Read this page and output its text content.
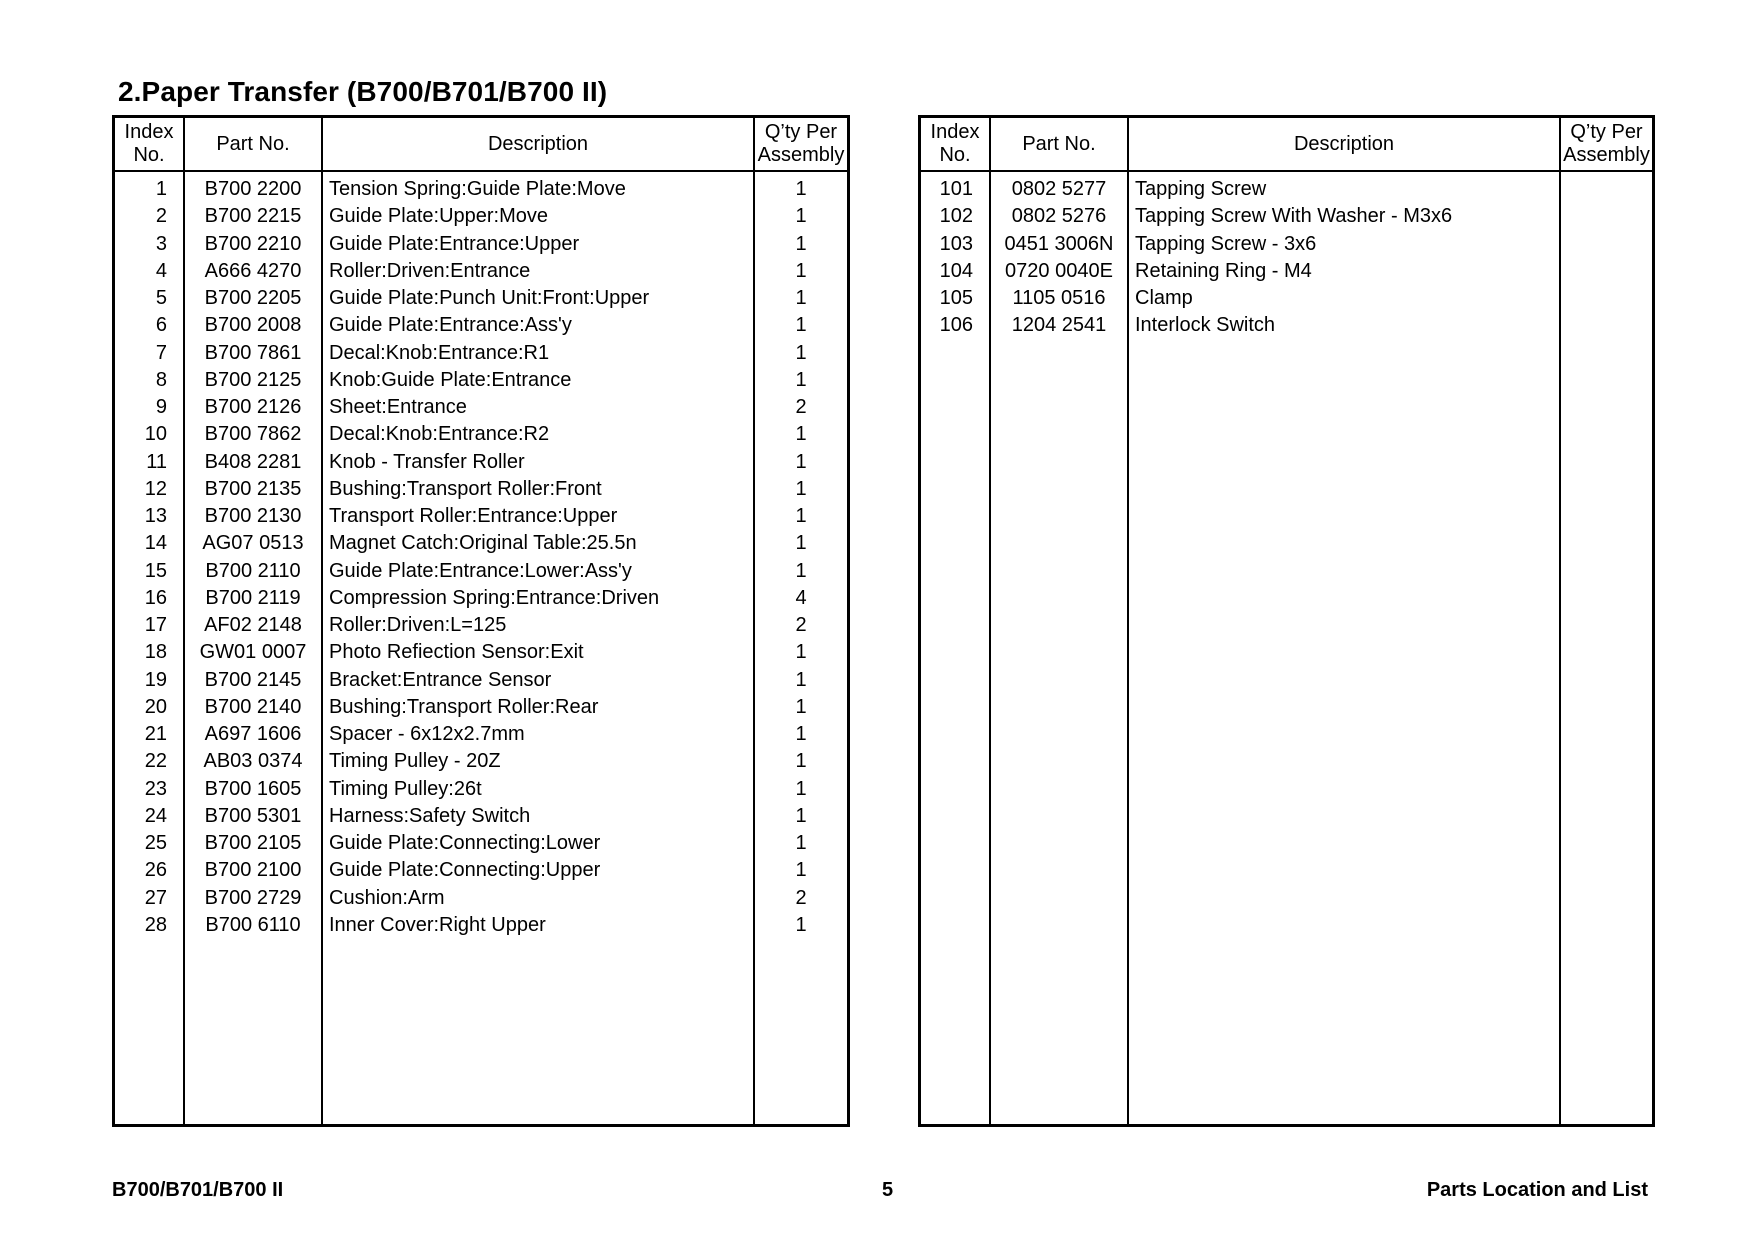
2.Paper Transfer (B700/B701/B700 II)
Index
No.
1
2
3
4
5
6
7
8
9
10
11
12
13
14
15
16
17
18
19
20
21
22
23
24
25
26
27
28
Part No.
B700 2200
B700 2215
B700 2210
A666 4270
B700 2205
B700 2008
B700 7861
B700 2125
B700 2126
B700 7862
B408 2281
B700 2135
B700 2130
AG07 0513
B700 2110
B700 2119
AF02 2148
GW01 0007
B700 2145
B700 2140
A697 1606
AB03 0374
B700 1605
B700 5301
B700 2105
B700 2100
B700 2729
B700 6110
Description
Tension Spring:Guide Plate:Move
Guide Plate:Upper:Move
Guide Plate:Entrance:Upper
Roller:Driven:Entrance
Guide Plate:Punch Unit:Front:Upper
Guide Plate:Entrance:Ass'y
Decal:Knob:Entrance:R1
Knob:Guide Plate:Entrance
Sheet:Entrance
Decal:Knob:Entrance:R2
Knob - Transfer Roller
Bushing:Transport Roller:Front
Transport Roller:Entrance:Upper
Magnet Catch:Original Table:25.5n
Guide Plate:Entrance:Lower:Ass'y
Compression Spring:Entrance:Driven
Roller:Driven:L=125
Photo Refiection Sensor:Exit
Bracket:Entrance Sensor
Bushing:Transport Roller:Rear
Spacer - 6x12x2.7mm
Timing Pulley - 20Z
Timing Pulley:26t
Harness:Safety Switch
Guide Plate:Connecting:Lower
Guide Plate:Connecting:Upper
Cushion:Arm
Inner Cover:Right Upper
Q’ty Per
Assembly
1
1
1
1
1
1
1
1
2
1
1
1
1
1
1
4
2
1
1
1
1
1
1
1
1
1
2
1
Index
No.
101
102
103
104
105
106
Part No.
0802 5277
0802 5276
0451 3006N
0720 0040E
1105 0516
1204 2541
Description
Tapping Screw
Tapping Screw With Washer - M3x6
Tapping Screw - 3x6
Retaining Ring - M4
Clamp
Interlock Switch
Q’ty Per
Assembly
B700/B701/B700 II	5	Parts Location and List
